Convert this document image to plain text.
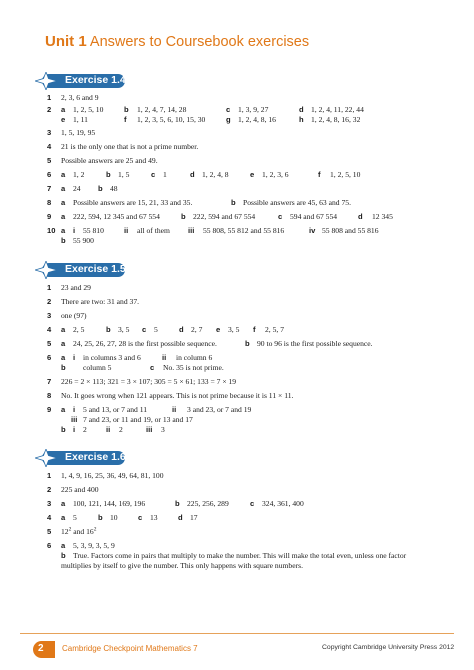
Unit 1 Answers to Coursebook exercises
Exercise 1.4
1 2, 3, 6 and 9
2 a 1, 2, 5, 10	b 1, 2, 4, 7, 14, 28	c 1, 3, 9, 27	d 1, 2, 4, 11, 22, 44
e 1, 11	f 1, 2, 3, 5, 6, 10, 15, 30	g 1, 2, 4, 8, 16	h 1, 2, 4, 8, 16, 32
3 1, 5, 19, 95
4 21 is the only one that is not a prime number.
5 Possible answers are 25 and 49.
6 a 1, 2	b 1, 5	c 1	d 1, 2, 4, 8	e 1, 2, 3, 6	f 1, 2, 5, 10
7 a 24 b 48
8 a Possible answers are 15, 21, 33 and 35.	b Possible answers are 45, 63 and 75.
9 a 222, 594, 12 345 and 67 554	b 222, 594 and 67 554	c 594 and 67 554	d 12 345
10 a i 55 810	ii all of them iii 55 808, 55 812 and 55 816	iv 55 808 and 55 816
b 55 900
Exercise 1.5
1 23 and 29
2 There are two: 31 and 37.
3 one (97)
4 a 2, 5	b 3, 5 c 5	d 2, 7 e 3, 5 f 2, 5, 7
5 a 24, 25, 26, 27, 28 is the first possible sequence.	b 90 to 96 is the first possible sequence.
6 a i in columns 3 and 6	ii in column 6
b column 5	c No. 35 is not prime.
7 226 = 2 × 113; 321 = 3 × 107; 305 = 5 × 61; 133 = 7 × 19
8 No. It goes wrong when 121 appears. This is not prime because it is 11 × 11.
9 a i 5 and 13, or 7 and 11	ii 3 and 23, or 7 and 19
iii 7 and 23, or 11 and 19, or 13 and 17
b i 2	ii 2	iii 3
Exercise 1.6
1 1, 4, 9, 16, 25, 36, 49, 64, 81, 100
2 225 and 400
3 a 100, 121, 144, 169, 196	b 225, 256, 289	c 324, 361, 400
4 a 5	b 10	c 13	d 17
5 $12^2$ and $16^2$
6 a 5, 3, 9, 3, 5, 9
b True. Factors come in pairs that multiply to make the number. This will make the total even, unless one factor
multiplies by itself to give the number. This only happens with square numbers.
2 Cambridge Checkpoint Mathematics 7	Copyright Cambridge University Press 2012
